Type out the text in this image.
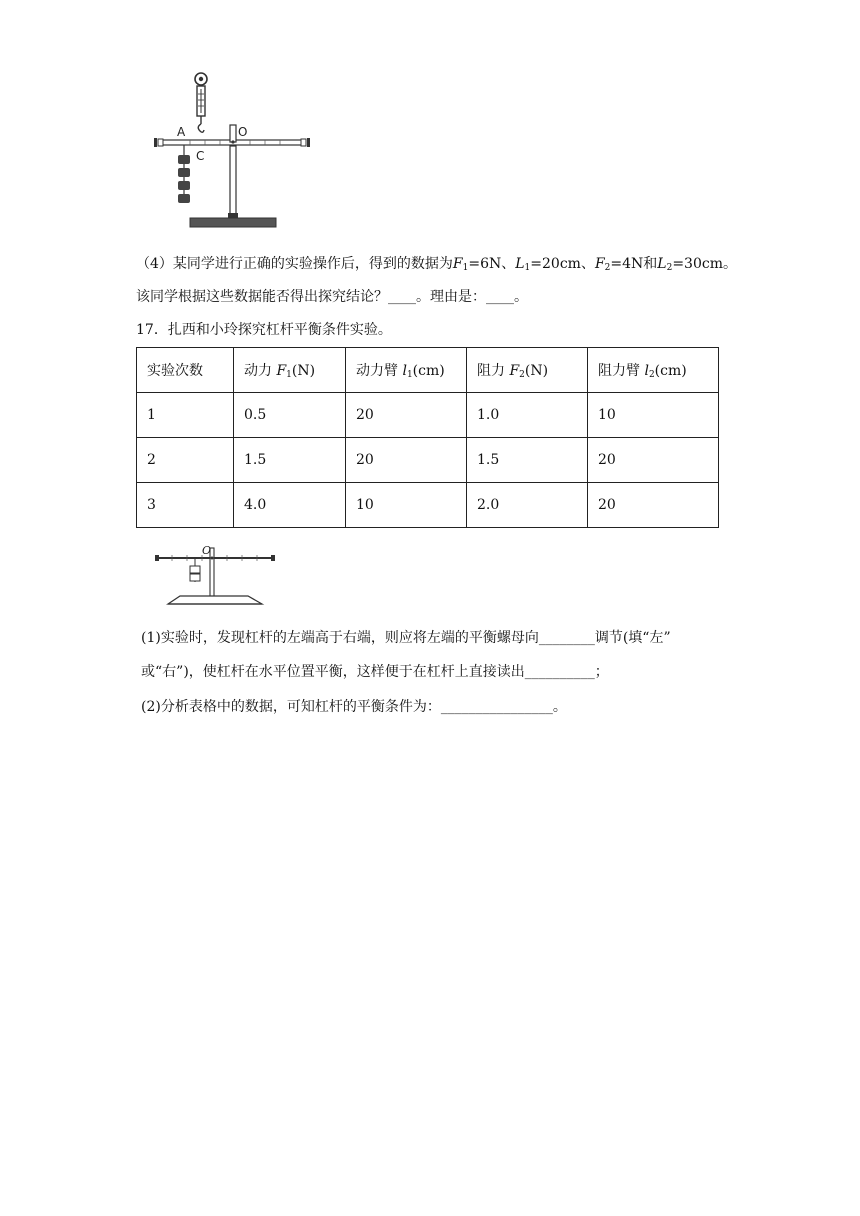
A
C
O
（4）某同学进行正确的实验操作后，得到的数据为$F_1=6N$、$L_1=20cm$、$F_2=4N$和$L_2=30cm$。
该同学根据这些数据能否得出探究结论？____。理由是：____。
17．扎西和小玲探究杠杆平衡条件实验。
实验次数	动力 $F_1(N)$	动力臂 $l_1(cm)$	阻力 $F_2(N)$	阻力臂 $l_2(cm)$
1	0.5	20	1.0	10
2	1.5	20	1.5	20
3	4.0	10	2.0	20
O
(1)实验时，发现杠杆的左端高于右端，则应将左端的平衡螺母向________调节(填“左”
或“右”)，使杠杆在水平位置平衡，这样便于在杠杆上直接读出__________；
(2)分析表格中的数据，可知杠杆的平衡条件为：________________。
